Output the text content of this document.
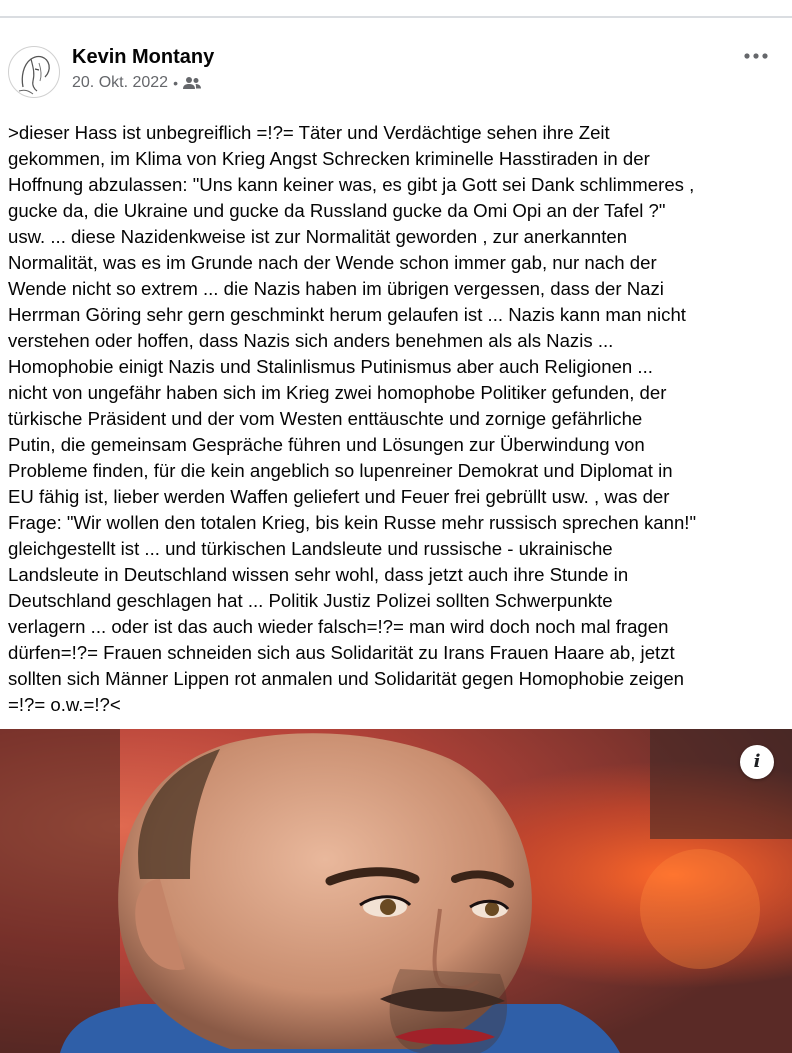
Kevin Montany
20. Okt. 2022 •
>dieser Hass ist unbegreiflich =!?= Täter und Verdächtige sehen ihre Zeit
gekommen, im Klima von Krieg Angst Schrecken kriminelle Hasstiraden in der
Hoffnung abzulassen: "Uns kann keiner was, es gibt ja Gott sei Dank schlimmeres ,
gucke da, die Ukraine und gucke da Russland gucke da Omi Opi an der Tafel ?"
usw. ... diese Nazidenkweise ist zur Normalität geworden , zur anerkannten
Normalität, was es im Grunde nach der Wende schon immer gab, nur nach der
Wende nicht so extrem ... die Nazis haben im übrigen vergessen, dass der Nazi
Herrman Göring sehr gern geschminkt herum gelaufen ist ... Nazis kann man nicht
verstehen oder hoffen, dass Nazis sich anders benehmen als als Nazis ...
Homophobie einigt Nazis und Stalinlismus Putinismus aber auch Religionen ...
nicht von ungefähr haben sich im Krieg zwei homophobe Politiker gefunden, der
türkische Präsident und der vom Westen enttäuschte und zornige gefährliche
Putin, die gemeinsam Gespräche führen und Lösungen zur Überwindung von
Probleme finden, für die kein angeblich so lupenreiner Demokrat und Diplomat in
EU fähig ist, lieber werden Waffen geliefert und Feuer frei gebrüllt usw. , was der
Frage: "Wir wollen den totalen Krieg, bis kein Russe mehr russisch sprechen kann!"
gleichgestellt ist ... und türkischen Landsleute und russische - ukrainische
Landsleute in Deutschland wissen sehr wohl, dass jetzt auch ihre Stunde in
Deutschland geschlagen hat ... Politik Justiz Polizei sollten Schwerpunkte
verlagern ... oder ist das auch wieder falsch=!?= man wird doch noch mal fragen
dürfen=!?= Frauen schneiden sich aus Solidarität zu Irans Frauen Haare ab, jetzt
sollten sich Männer Lippen rot anmalen und Solidarität gegen Homophobie zeigen
=!?= o.w.=!?<
i
